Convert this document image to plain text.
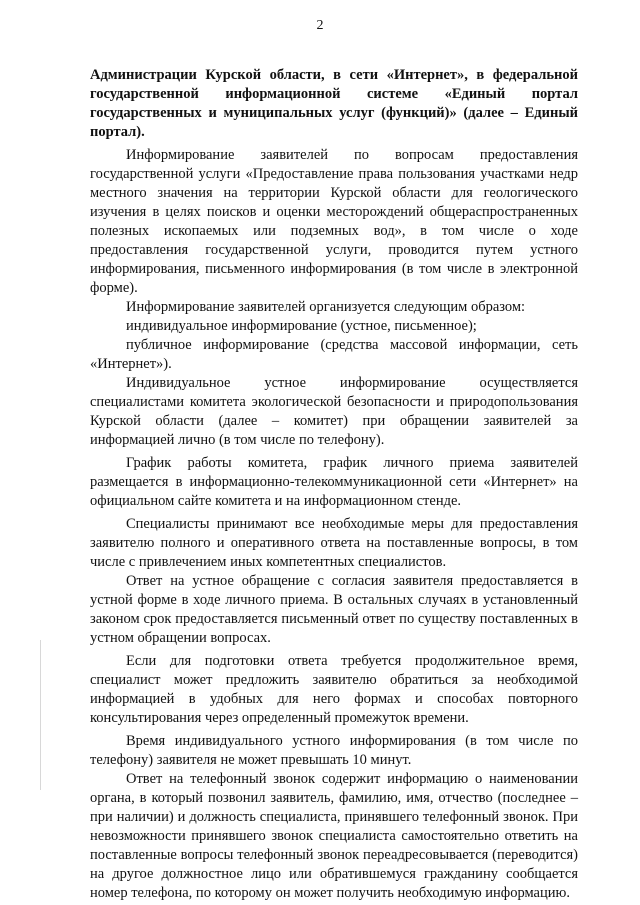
2

Администрации Курской области, в сети «Интернет», в федеральной государственной информационной системе «Единый портал государственных и муниципальных услуг (функций)» (далее – Единый портал).

Информирование заявителей по вопросам предоставления государственной услуги «Предоставление права пользования участками недр местного значения на территории Курской области для геологического изучения в целях поисков и оценки месторождений общераспространенных полезных ископаемых или подземных вод», в том числе о ходе предоставления государственной услуги, проводится путем устного информирования, письменного информирования (в том числе в электронной форме).

Информирование заявителей организуется следующим образом:

индивидуальное информирование (устное, письменное);

публичное информирование (средства массовой информации, сеть «Интернет»).

Индивидуальное устное информирование осуществляется специалистами комитета экологической безопасности и природопользования Курской области (далее – комитет) при обращении заявителей за информацией лично (в том числе по телефону).

График работы комитета, график личного приема заявителей размещается в информационно-телекоммуникационной сети «Интернет» на официальном сайте комитета и на информационном стенде.

Специалисты принимают все необходимые меры для предоставления заявителю полного и оперативного ответа на поставленные вопросы, в том числе с привлечением иных компетентных специалистов.

Ответ на устное обращение с согласия заявителя предоставляется в устной форме в ходе личного приема. В остальных случаях в установленный законом срок предоставляется письменный ответ по существу поставленных в устном обращении вопросах.

Если для подготовки ответа требуется продолжительное время, специалист может предложить заявителю обратиться за необходимой информацией в удобных для него формах и способах повторного консультирования через определенный промежуток времени.

Время индивидуального устного информирования (в том числе по телефону) заявителя не может превышать 10 минут.

Ответ на телефонный звонок содержит информацию о наименовании органа, в который позвонил заявитель, фамилию, имя, отчество (последнее – при наличии) и должность специалиста, принявшего телефонный звонок. При невозможности принявшего звонок специалиста самостоятельно ответить на поставленные вопросы телефонный звонок переадресовывается (переводится) на другое должностное лицо или обратившемуся гражданину сообщается номер телефона, по которому он может получить необходимую информацию.
